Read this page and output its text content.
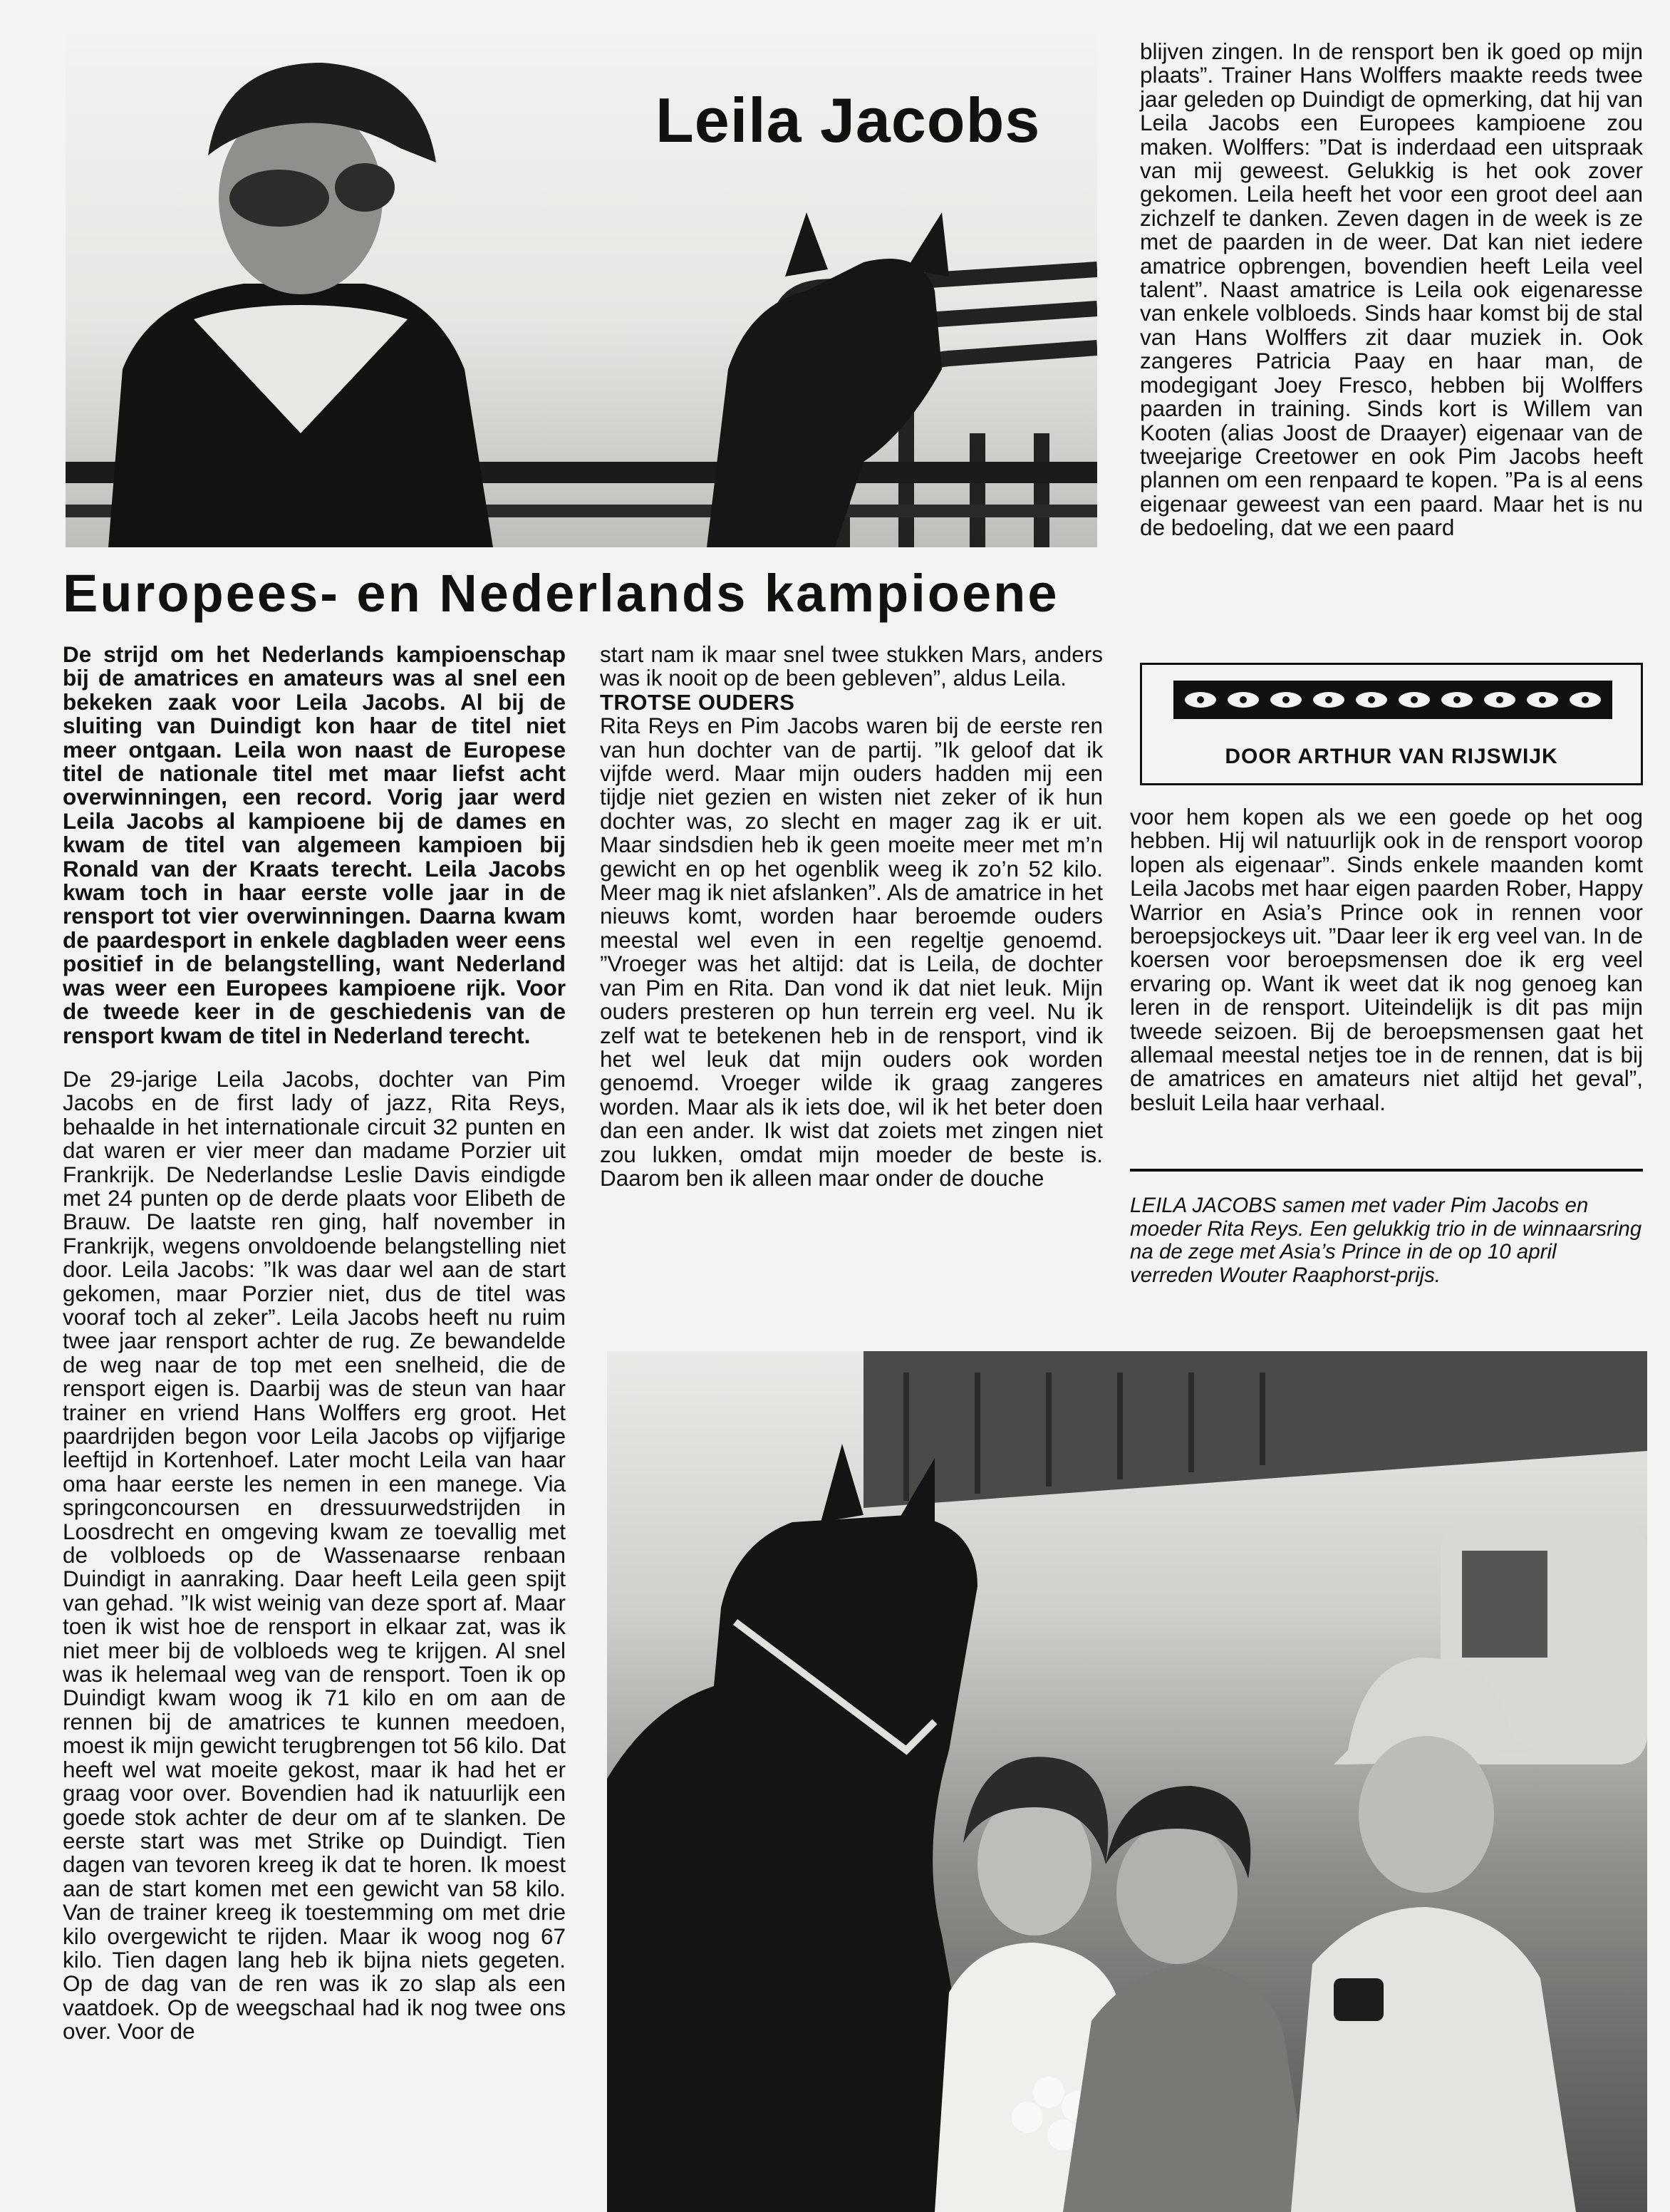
Leila Jacobs
Europees- en Nederlands kampioene

De strijd om het Nederlands kampioenschap bij de amatrices en amateurs was al snel een bekeken zaak voor Leila Jacobs. Al bij de sluiting van Duindigt kon haar de titel niet meer ontgaan. Leila won naast de Europese titel de nationale titel met maar liefst acht overwinningen, een record. Vorig jaar werd Leila Jacobs al kampioene bij de dames en kwam de titel van algemeen kampioen bij Ronald van der Kraats terecht. Leila Jacobs kwam toch in haar eerste volle jaar in de rensport tot vier overwinningen. Daarna kwam de paardesport in enkele dagbladen weer eens positief in de belangstelling, want Nederland was weer een Europees kampioene rijk. Voor de tweede keer in de geschiedenis van de rensport kwam de titel in Nederland terecht.

De 29-jarige Leila Jacobs, dochter van Pim Jacobs en de first lady of jazz, Rita Reys, behaalde in het internationale circuit 32 punten en dat waren er vier meer dan madame Porzier uit Frankrijk. De Nederlandse Leslie Davis eindigde met 24 punten op de derde plaats voor Elibeth de Brauw. De laatste ren ging, half november in Frankrijk, wegens onvoldoende belangstelling niet door. Leila Jacobs: ”Ik was daar wel aan de start gekomen, maar Porzier niet, dus de titel was vooraf toch al zeker”. Leila Jacobs heeft nu ruim twee jaar rensport achter de rug. Ze bewandelde de weg naar de top met een snelheid, die de rensport eigen is. Daarbij was de steun van haar trainer en vriend Hans Wolffers erg groot. Het paardrijden begon voor Leila Jacobs op vijfjarige leeftijd in Kortenhoef. Later mocht Leila van haar oma haar eerste les nemen in een manege. Via springconcoursen en dressuurwedstrijden in Loosdrecht en omgeving kwam ze toevallig met de volbloeds op de Wassenaarse renbaan Duindigt in aanraking. Daar heeft Leila geen spijt van gehad. ”Ik wist weinig van deze sport af. Maar toen ik wist hoe de rensport in elkaar zat, was ik niet meer bij de volbloeds weg te krijgen. Al snel was ik helemaal weg van de rensport. Toen ik op Duindigt kwam woog ik 71 kilo en om aan de rennen bij de amatrices te kunnen meedoen, moest ik mijn gewicht terugbrengen tot 56 kilo. Dat heeft wel wat moeite gekost, maar ik had het er graag voor over. Bovendien had ik natuurlijk een goede stok achter de deur om af te slanken. De eerste start was met Strike op Duindigt. Tien dagen van tevoren kreeg ik dat te horen. Ik moest aan de start komen met een gewicht van 58 kilo. Van de trainer kreeg ik toestemming om met drie kilo overgewicht te rijden. Maar ik woog nog 67 kilo. Tien dagen lang heb ik bijna niets gegeten. Op de dag van de ren was ik zo slap als een vaatdoek. Op de weegschaal had ik nog twee ons over. Voor de

start nam ik maar snel twee stukken Mars, anders was ik nooit op de been gebleven”, aldus Leila.

TROTSE OUDERS

Rita Reys en Pim Jacobs waren bij de eerste ren van hun dochter van de partij. ”Ik geloof dat ik vijfde werd. Maar mijn ouders hadden mij een tijdje niet gezien en wisten niet zeker of ik hun dochter was, zo slecht en mager zag ik er uit. Maar sindsdien heb ik geen moeite meer met m’n gewicht en op het ogenblik weeg ik zo’n 52 kilo. Meer mag ik niet afslanken”. Als de amatrice in het nieuws komt, worden haar beroemde ouders meestal wel even in een regeltje genoemd. ”Vroeger was het altijd: dat is Leila, de dochter van Pim en Rita. Dan vond ik dat niet leuk. Mijn ouders presteren op hun terrein erg veel. Nu ik zelf wat te betekenen heb in de rensport, vind ik het wel leuk dat mijn ouders ook worden genoemd. Vroeger wilde ik graag zangeres worden. Maar als ik iets doe, wil ik het beter doen dan een ander. Ik wist dat zoiets met zingen niet zou lukken, omdat mijn moeder de beste is. Daarom ben ik alleen maar onder de douche

blijven zingen. In de rensport ben ik goed op mijn plaats”. Trainer Hans Wolffers maakte reeds twee jaar geleden op Duindigt de opmerking, dat hij van Leila Jacobs een Europees kampioene zou maken. Wolffers: ”Dat is inderdaad een uitspraak van mij geweest. Gelukkig is het ook zover gekomen. Leila heeft het voor een groot deel aan zichzelf te danken. Zeven dagen in de week is ze met de paarden in de weer. Dat kan niet iedere amatrice opbrengen, bovendien heeft Leila veel talent”. Naast amatrice is Leila ook eigenaresse van enkele volbloeds. Sinds haar komst bij de stal van Hans Wolffers zit daar muziek in. Ook zangeres Patricia Paay en haar man, de modegigant Joey Fresco, hebben bij Wolffers paarden in training. Sinds kort is Willem van Kooten (alias Joost de Draayer) eigenaar van de tweejarige Creetower en ook Pim Jacobs heeft plannen om een renpaard te kopen. ”Pa is al eens eigenaar geweest van een paard. Maar het is nu de bedoeling, dat we een paard

DOOR ARTHUR VAN RIJSWIJK

voor hem kopen als we een goede op het oog hebben. Hij wil natuurlijk ook in de rensport voorop lopen als eigenaar”. Sinds enkele maanden komt Leila Jacobs met haar eigen paarden Rober, Happy Warrior en Asia’s Prince ook in rennen voor beroepsjockeys uit. ”Daar leer ik erg veel van. In de koersen voor beroepsmensen doe ik erg veel ervaring op. Want ik weet dat ik nog genoeg kan leren in de rensport. Uiteindelijk is dit pas mijn tweede seizoen. Bij de beroepsmensen gaat het allemaal meestal netjes toe in de rennen, dat is bij de amatrices en amateurs niet altijd het geval”, besluit Leila haar verhaal.

LEILA JACOBS samen met vader Pim Jacobs en moeder Rita Reys. Een gelukkig trio in de winnaarsring na de zege met Asia’s Prince in de op 10 april verreden Wouter Raaphorst-prijs.
